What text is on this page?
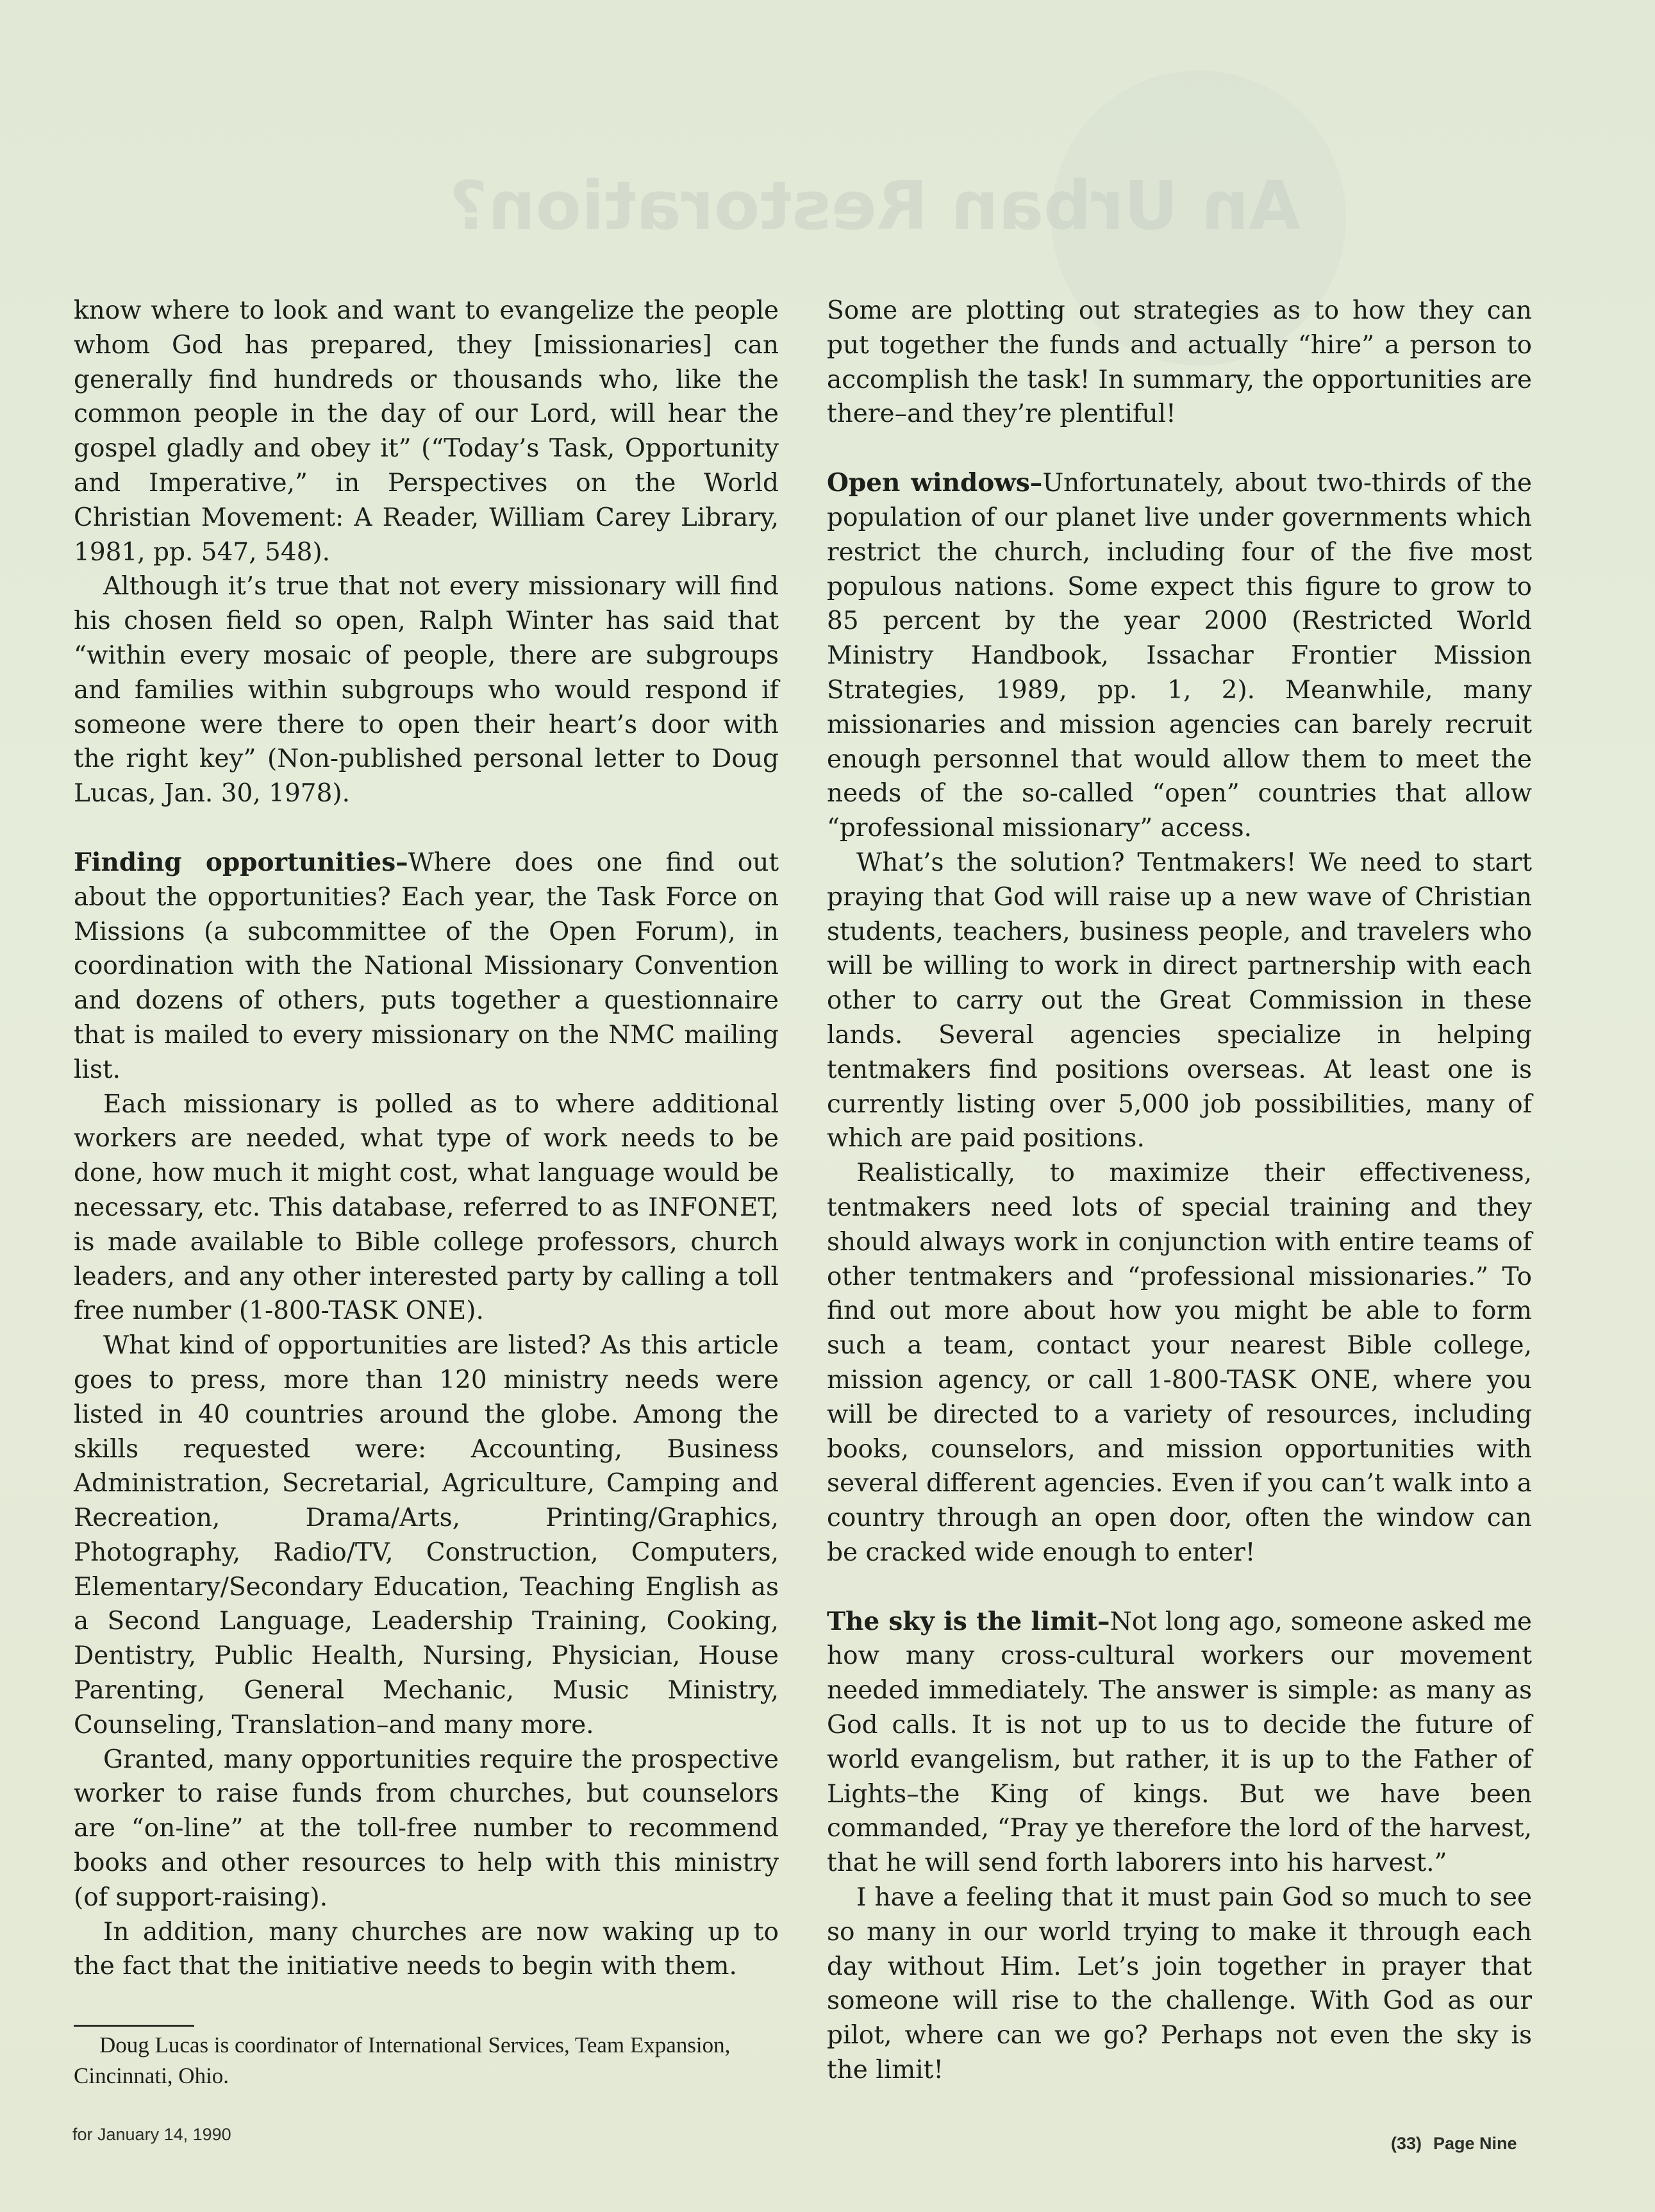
An Urban Restoration?

know where to look and want to evangelize the people whom God has prepared, they [missionaries] can generally find hundreds or thousands who, like the common people in the day of our Lord, will hear the gospel gladly and obey it” (“Today’s Task, Opportunity and Imperative,” in Perspectives on the World Christian Movement: A Reader, William Carey Library, 1981, pp. 547, 548).

Although it’s true that not every missionary will find his chosen field so open, Ralph Winter has said that “within every mosaic of people, there are subgroups and families within subgroups who would respond if someone were there to open their heart’s door with the right key” (Non-published personal letter to Doug Lucas, Jan. 30, 1978).

Finding opportunities–Where does one find out about the opportunities? Each year, the Task Force on Missions (a subcommittee of the Open Forum), in coordination with the National Missionary Convention and dozens of others, puts together a questionnaire that is mailed to every missionary on the NMC mailing list.

Each missionary is polled as to where additional workers are needed, what type of work needs to be done, how much it might cost, what language would be necessary, etc. This database, referred to as INFONET, is made available to Bible college professors, church leaders, and any other interested party by calling a toll free number (1-800-TASK ONE).

What kind of opportunities are listed? As this article goes to press, more than 120 ministry needs were listed in 40 countries around the globe. Among the skills requested were: Accounting, Business Administration, Secretarial, Agriculture, Camping and Recreation, Drama/Arts, Printing/Graphics, Photography, Radio/TV, Construction, Computers, Elementary/Secondary Education, Teaching English as a Second Language, Leadership Training, Cooking, Dentistry, Public Health, Nursing, Physician, House Parenting, General Mechanic, Music Ministry, Counseling, Translation–and many more.

Granted, many opportunities require the prospective worker to raise funds from churches, but counselors are “on-line” at the toll-free number to recommend books and other resources to help with this ministry (of support-raising).

In addition, many churches are now waking up to the fact that the initiative needs to begin with them.

Some are plotting out strategies as to how they can put together the funds and actually “hire” a person to accomplish the task! In summary, the opportunities are there–and they’re plentiful!

Open windows–Unfortunately, about two-thirds of the population of our planet live under governments which restrict the church, including four of the five most populous nations. Some expect this figure to grow to 85 percent by the year 2000 (Restricted World Ministry Handbook, Issachar Frontier Mission Strategies, 1989, pp. 1, 2). Meanwhile, many missionaries and mission agencies can barely recruit enough personnel that would allow them to meet the needs of the so-called “open” countries that allow “professional missionary” access.

What’s the solution? Tentmakers! We need to start praying that God will raise up a new wave of Christian students, teachers, business people, and travelers who will be willing to work in direct partnership with each other to carry out the Great Commission in these lands. Several agencies specialize in helping tentmakers find positions overseas. At least one is currently listing over 5,000 job possibilities, many of which are paid positions.

Realistically, to maximize their effectiveness, tentmakers need lots of special training and they should always work in conjunction with entire teams of other tentmakers and “professional missionaries.” To find out more about how you might be able to form such a team, contact your nearest Bible college, mission agency, or call 1-800-TASK ONE, where you will be directed to a variety of resources, including books, counselors, and mission opportunities with several different agencies. Even if you can’t walk into a country through an open door, often the window can be cracked wide enough to enter!

The sky is the limit–Not long ago, someone asked me how many cross-cultural workers our movement needed immediately. The answer is simple: as many as God calls. It is not up to us to decide the future of world evangelism, but rather, it is up to the Father of Lights–the King of kings. But we have been commanded, “Pray ye therefore the lord of the harvest, that he will send forth laborers into his harvest.”

I have a feeling that it must pain God so much to see so many in our world trying to make it through each day without Him. Let’s join together in prayer that someone will rise to the challenge. With God as our pilot, where can we go? Perhaps not even the sky is the limit!

Doug Lucas is coordinator of International Services, Team Expansion, Cincinnati, Ohio.
for January 14, 1990	(33) Page Nine
